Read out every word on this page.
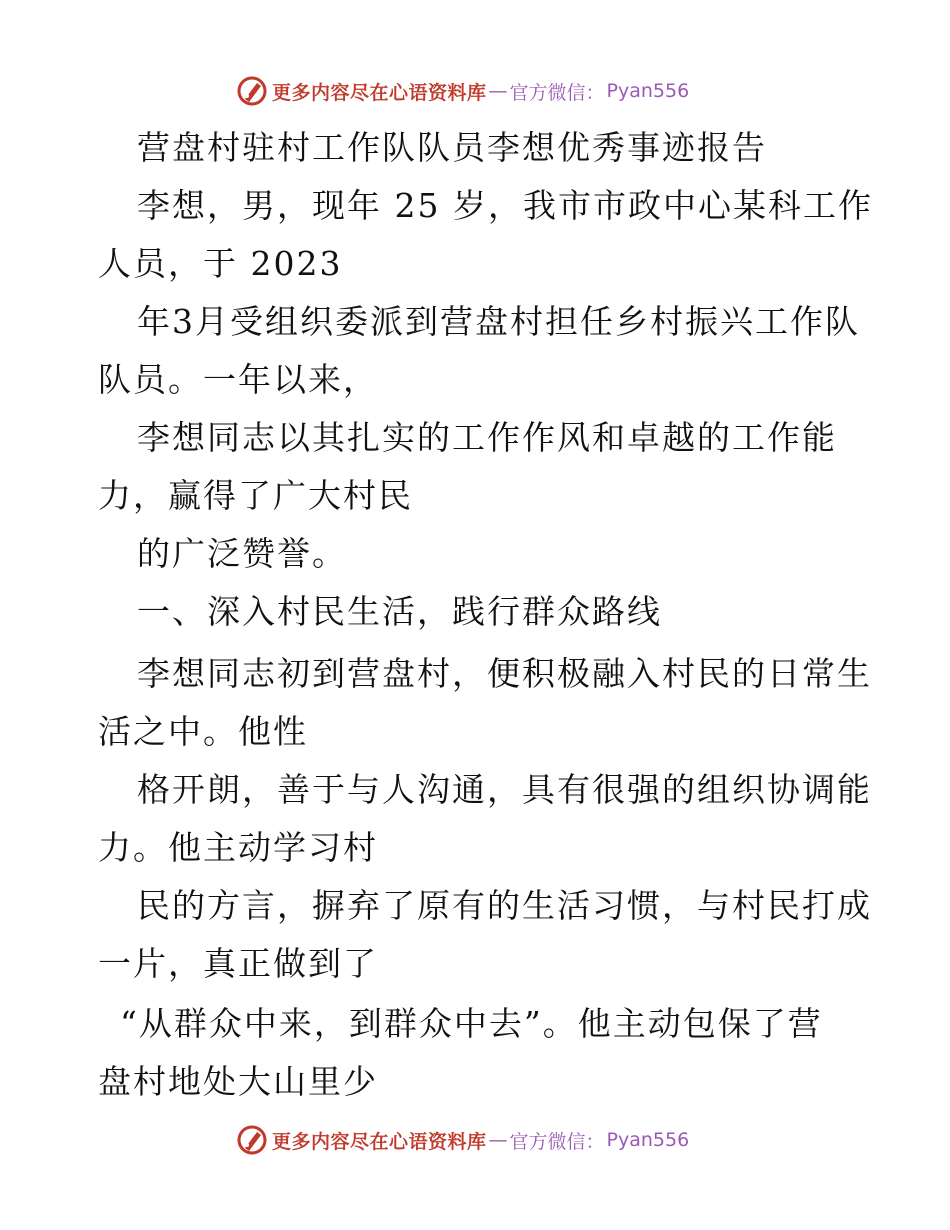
更多内容尽在心语资料库 — 官方微信： Pyan556
营盘村驻村工作队队员李想优秀事迹报告
李想，男，现年 25 岁，我市市政中心某科工作
人员，于 2023
年3月受组织委派到营盘村担任乡村振兴工作队
队员。一年以来，
李想同志以其扎实的工作作风和卓越的工作能
力，赢得了广大村民
的广泛赞誉。
一、深入村民生活，践行群众路线
李想同志初到营盘村，便积极融入村民的日常生
活之中。他性
格开朗，善于与人沟通，具有很强的组织协调能
力。他主动学习村
民的方言，摒弃了原有的生活习惯，与村民打成
一片，真正做到了
“从群众中来，到群众中去”。他主动包保了营
盘村地处大山里少
更多内容尽在心语资料库 — 官方微信： Pyan556
